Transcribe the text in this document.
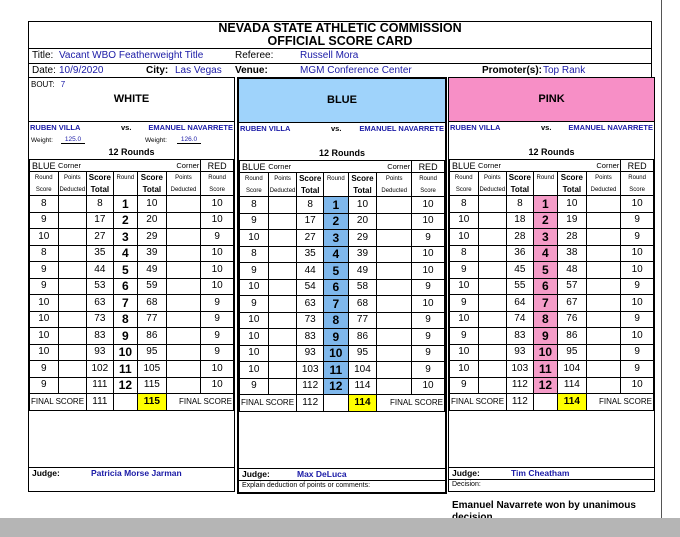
NEVADA STATE ATHLETIC COMMISSION
OFFICIAL SCORE CARD
Title: Vacant WBO Featherweight Title	Referee:	Russell Mora
Date: 10/9/2020	City: Las Vegas Venue:	MGM Conference Center	Promoter(s): Top Rank
WHITE
BOUT: 7
RUBEN VILLA	vs. EMANUEL NAVARRETE
Weight:	125.0	Weight:	126.0
12 Rounds
BLUE	Corner			Corner		RED
Round	Points	Score	Round	Score	Points	Round
Score	Deducted	Total		Total	Deducted	Score
8		8	1	10		10
9		17	2	20		10
10		27	3	29		9
8		35	4	39		10
9		44	5	49		10
9		53	6	59		10
10		63	7	68		9
10		73	8	77		9
10		83	9	86		9
10		93	10	95		9
9		102	11	105		10
9		111	12	115		10
FINAL SCORE		111		115	FINAL SCORE	
Judge:	Patricia Morse Jarman
BLUE
RUBEN VILLA	vs. EMANUEL NAVARRETE
12 Rounds
BLUE	Corner			Corner		RED
Round	Points	Score	Round	Score	Points	Round
Score	Deducted	Total		Total	Deducted	Score
8		8	1	10		10
9		17	2	20		10
10		27	3	29		9
8		35	4	39		10
9		44	5	49		10
10		54	6	58		9
9		63	7	68		10
10		73	8	77		9
10		83	9	86		9
10		93	10	95		9
10		103	11	104		9
9		112	12	114		10
FINAL SCORE		112		114	FINAL SCORE	
Judge:	Max DeLuca
Explain deduction of points or comments:
PINK
RUBEN VILLA	vs. EMANUEL NAVARRETE
12 Rounds
BLUE	Corner			Corner		RED
Round	Points	Score	Round	Score	Points	Round
Score	Deducted	Total		Total	Deducted	Score
8		8	1	10		10
10		18	2	19		9
10		28	3	28		9
8		36	4	38		10
9		45	5	48		10
10		55	6	57		9
9		64	7	67		10
10		74	8	76		9
9		83	9	86		10
10		93	10	95		9
10		103	11	104		9
9		112	12	114		10
FINAL SCORE		112		114	FINAL SCORE	
Judge:	Tim Cheatham
Decision:
Emanuel Navarrete won by unanimous
